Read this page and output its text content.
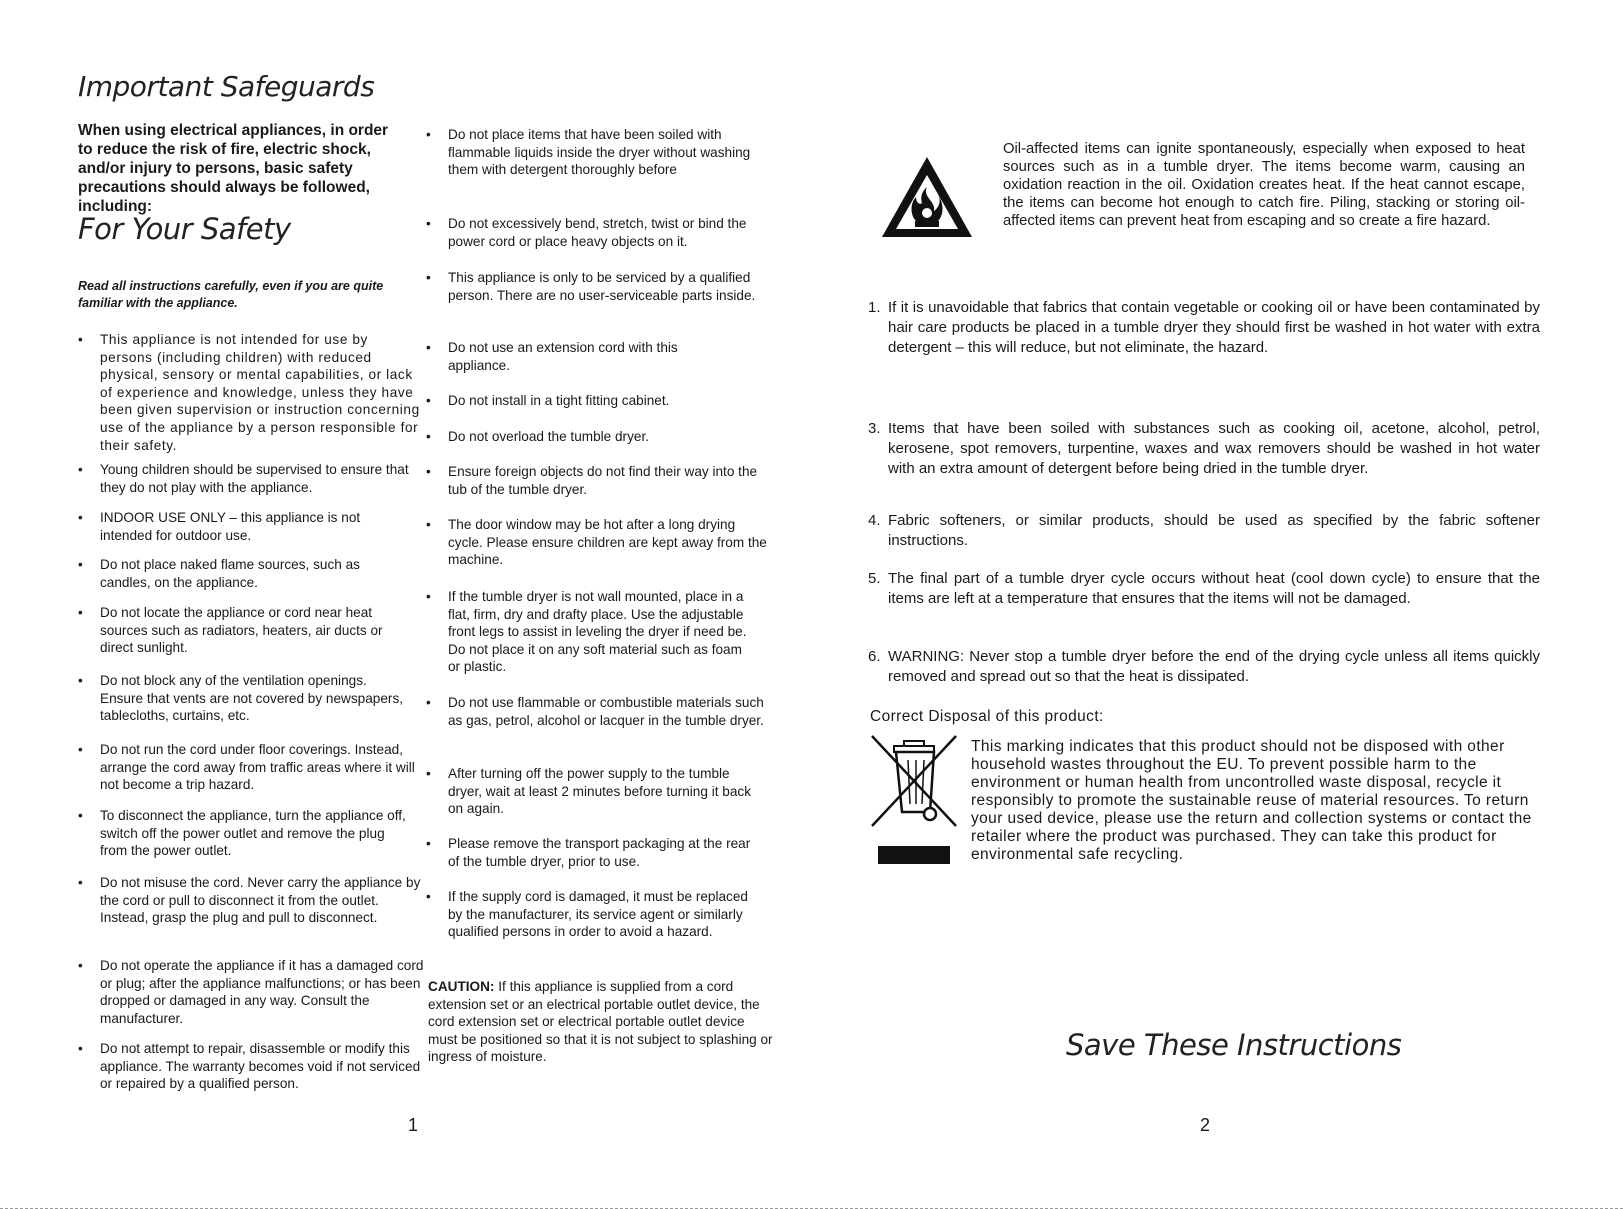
Important Safeguards
When using electrical appliances, in order to reduce the risk of fire, electric shock, and/or injury to persons, basic safety precautions should always be followed, including:
For Your Safety
Read all instructions carefully, even if you are quite familiar with the appliance.

• This appliance is not intended for use by persons (including children) with reduced physical, sensory or mental capabilities, or lack of experience and knowledge, unless they have been given supervision or instruction concerning use of the appliance by a person responsible for their safety.

• Young children should be supervised to ensure that they do not play with the appliance.

• INDOOR USE ONLY – this appliance is not intended for outdoor use.

• Do not place naked flame sources, such as candles, on the appliance.

• Do not locate the appliance or cord near heat sources such as radiators, heaters, air ducts or direct sunlight.

• Do not block any of the ventilation openings. Ensure that vents are not covered by newspapers, tablecloths, curtains, etc.

• Do not run the cord under floor coverings. Instead, arrange the cord away from traffic areas where it will not become a trip hazard.

• To disconnect the appliance, turn the appliance off, switch off the power outlet and remove the plug from the power outlet.

• Do not misuse the cord. Never carry the appliance by the cord or pull to disconnect it from the outlet. Instead, grasp the plug and pull to disconnect.

• Do not operate the appliance if it has a damaged cord or plug; after the appliance malfunctions; or has been dropped or damaged in any way. Consult the manufacturer.

• Do not attempt to repair, disassemble or modify this appliance. The warranty becomes void if not serviced or repaired by a qualified person.

• Do not place items that have been soiled with flammable liquids inside the dryer without washing them with detergent thoroughly before

• Do not excessively bend, stretch, twist or bind the power cord or place heavy objects on it.

• This appliance is only to be serviced by a qualified person. There are no user-serviceable parts inside.

• Do not use an extension cord with this appliance.

• Do not install in a tight fitting cabinet.

• Do not overload the tumble dryer.

• Ensure foreign objects do not find their way into the tub of the tumble dryer.

• The door window may be hot after a long drying cycle. Please ensure children are kept away from the machine.

• If the tumble dryer is not wall mounted, place in a flat, firm, dry and drafty place. Use the adjustable front legs to assist in leveling the dryer if need be. Do not place it on any soft material such as foam or plastic.

• Do not use flammable or combustible materials such as gas, petrol, alcohol or lacquer in the tumble dryer.

• After turning off the power supply to the tumble dryer, wait at least 2 minutes before turning it back on again.

• Please remove the transport packaging at the rear of the tumble dryer, prior to use.

• If the supply cord is damaged, it must be replaced by the manufacturer, its service agent or similarly qualified persons in order to avoid a hazard.

CAUTION: If this appliance is supplied from a cord extension set or an electrical portable outlet device, the cord extension set or electrical portable outlet device must be positioned so that it is not subject to splashing or ingress of moisture.
1
Oil-affected items can ignite spontaneously, especially when exposed to heat sources such as in a tumble dryer. The items become warm, causing an oxidation reaction in the oil. Oxidation creates heat. If the heat cannot escape, the items can become hot enough to catch fire. Piling, stacking or storing oil-affected items can prevent heat from escaping and so create a fire hazard.
1. If it is unavoidable that fabrics that contain vegetable or cooking oil or have been contaminated by hair care products be placed in a tumble dryer they should first be washed in hot water with extra detergent – this will reduce, but not eliminate, the hazard.
3. Items that have been soiled with substances such as cooking oil, acetone, alcohol, petrol, kerosene, spot removers, turpentine, waxes and wax removers should be washed in hot water with an extra amount of detergent before being dried in the tumble dryer.
4. Fabric softeners, or similar products, should be used as specified by the fabric softener instructions.
5. The final part of a tumble dryer cycle occurs without heat (cool down cycle) to ensure that the items are left at a temperature that ensures that the items will not be damaged.
6. WARNING: Never stop a tumble dryer before the end of the drying cycle unless all items quickly removed and spread out so that the heat is dissipated.
Correct Disposal of this product:
This marking indicates that this product should not be disposed with other household wastes throughout the EU. To prevent possible harm to the environment or human health from uncontrolled waste disposal, recycle it responsibly to promote the sustainable reuse of material resources. To return your used device, please use the return and collection systems or contact the retailer where the product was purchased. They can take this product for environmental safe recycling.
Save These Instructions
2
